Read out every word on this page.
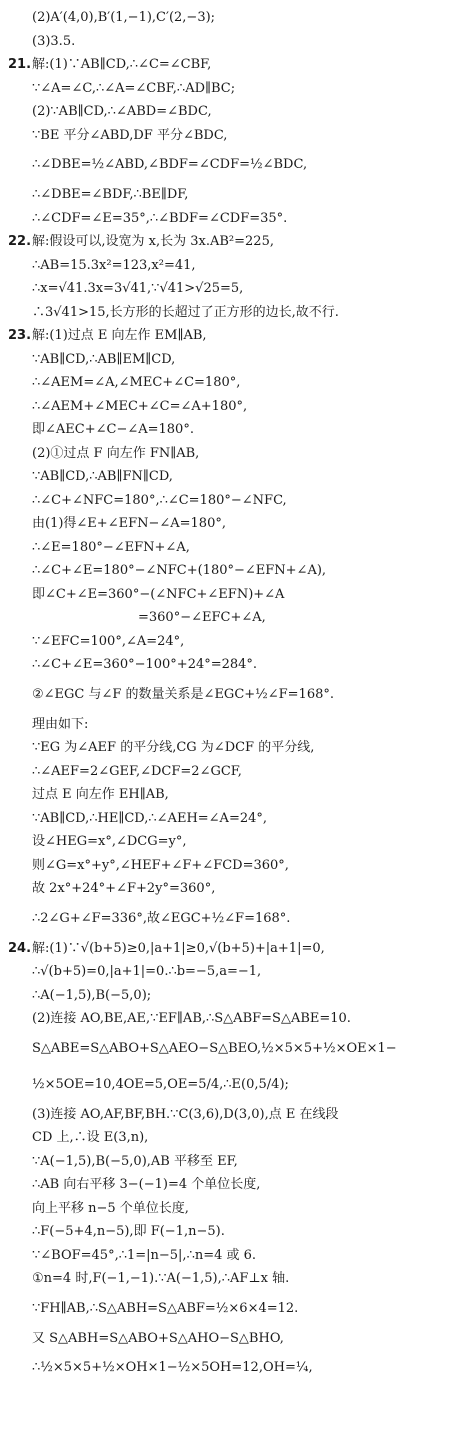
(2)A′(4,0),B′(1,−1),C′(2,−3);
(3)3.5.
21.解:(1)∵AB∥CD,∴∠C=∠CBF,
∵∠A=∠C,∴∠A=∠CBF,∴AD∥BC;
(2)∵AB∥CD,∴∠ABD=∠BDC,
∵BE 平分∠ABD,DF 平分∠BDC,
∴∠DBE=½∠ABD,∠BDF=∠CDF=½∠BDC,
∴∠DBE=∠BDF,∴BE∥DF,
∴∠CDF=∠E=35°,∴∠BDF=∠CDF=35°.
22.解:假设可以,设宽为 x,长为 3x.AB²=225,
∴AB=15.3x²=123,x²=41,
∴x=√41.3x=3√41,∵√41>√25=5,
∴3√41>15,长方形的长超过了正方形的边长,故不行.
23.解:(1)过点 E 向左作 EM∥AB,
∵AB∥CD,∴AB∥EM∥CD,
∴∠AEM=∠A,∠MEC+∠C=180°,
∴∠AEM+∠MEC+∠C=∠A+180°,
即∠AEC+∠C−∠A=180°.
(2)①过点 F 向左作 FN∥AB,
∵AB∥CD,∴AB∥FN∥CD,
∴∠C+∠NFC=180°,∴∠C=180°−∠NFC,
由(1)得∠E+∠EFN−∠A=180°,
∴∠E=180°−∠EFN+∠A,
∴∠C+∠E=180°−∠NFC+(180°−∠EFN+∠A),
即∠C+∠E=360°−(∠NFC+∠EFN)+∠A
=360°−∠EFC+∠A,
∵∠EFC=100°,∠A=24°,
∴∠C+∠E=360°−100°+24°=284°.
②∠EGC 与∠F 的数量关系是∠EGC+½∠F=168°.
理由如下:
∵EG 为∠AEF 的平分线,CG 为∠DCF 的平分线,
∴∠AEF=2∠GEF,∠DCF=2∠GCF,
过点 E 向左作 EH∥AB,
∵AB∥CD,∴HE∥CD,∴∠AEH=∠A=24°,
设∠HEG=x°,∠DCG=y°,
则∠G=x°+y°,∠HEF+∠F+∠FCD=360°,
故 2x°+24°+∠F+2y°=360°,
∴2∠G+∠F=336°,故∠EGC+½∠F=168°.
24.解:(1)∵√(b+5)≥0,|a+1|≥0,√(b+5)+|a+1|=0,
∴√(b+5)=0,|a+1|=0.∴b=−5,a=−1,
∴A(−1,5),B(−5,0);
(2)连接 AO,BE,AE,∵EF∥AB,∴S△ABF=S△ABE=10.
S△ABE=S△ABO+S△AEO−S△BEO,½×5×5+½×OE×1−
½×5OE=10,4OE=5,OE=5/4,∴E(0,5/4);
(3)连接 AO,AF,BF,BH.∵C(3,6),D(3,0),点 E 在线段
CD 上,∴设 E(3,n),
∵A(−1,5),B(−5,0),AB 平移至 EF,
∴AB 向右平移 3−(−1)=4 个单位长度,
向上平移 n−5 个单位长度,
∴F(−5+4,n−5),即 F(−1,n−5).
∵∠BOF=45°,∴1=|n−5|,∴n=4 或 6.
①n=4 时,F(−1,−1).∵A(−1,5),∴AF⊥x 轴.
∵FH∥AB,∴S△ABH=S△ABF=½×6×4=12.
又 S△ABH=S△ABO+S△AHO−S△BHO,
∴½×5×5+½×OH×1−½×5OH=12,OH=¼,
